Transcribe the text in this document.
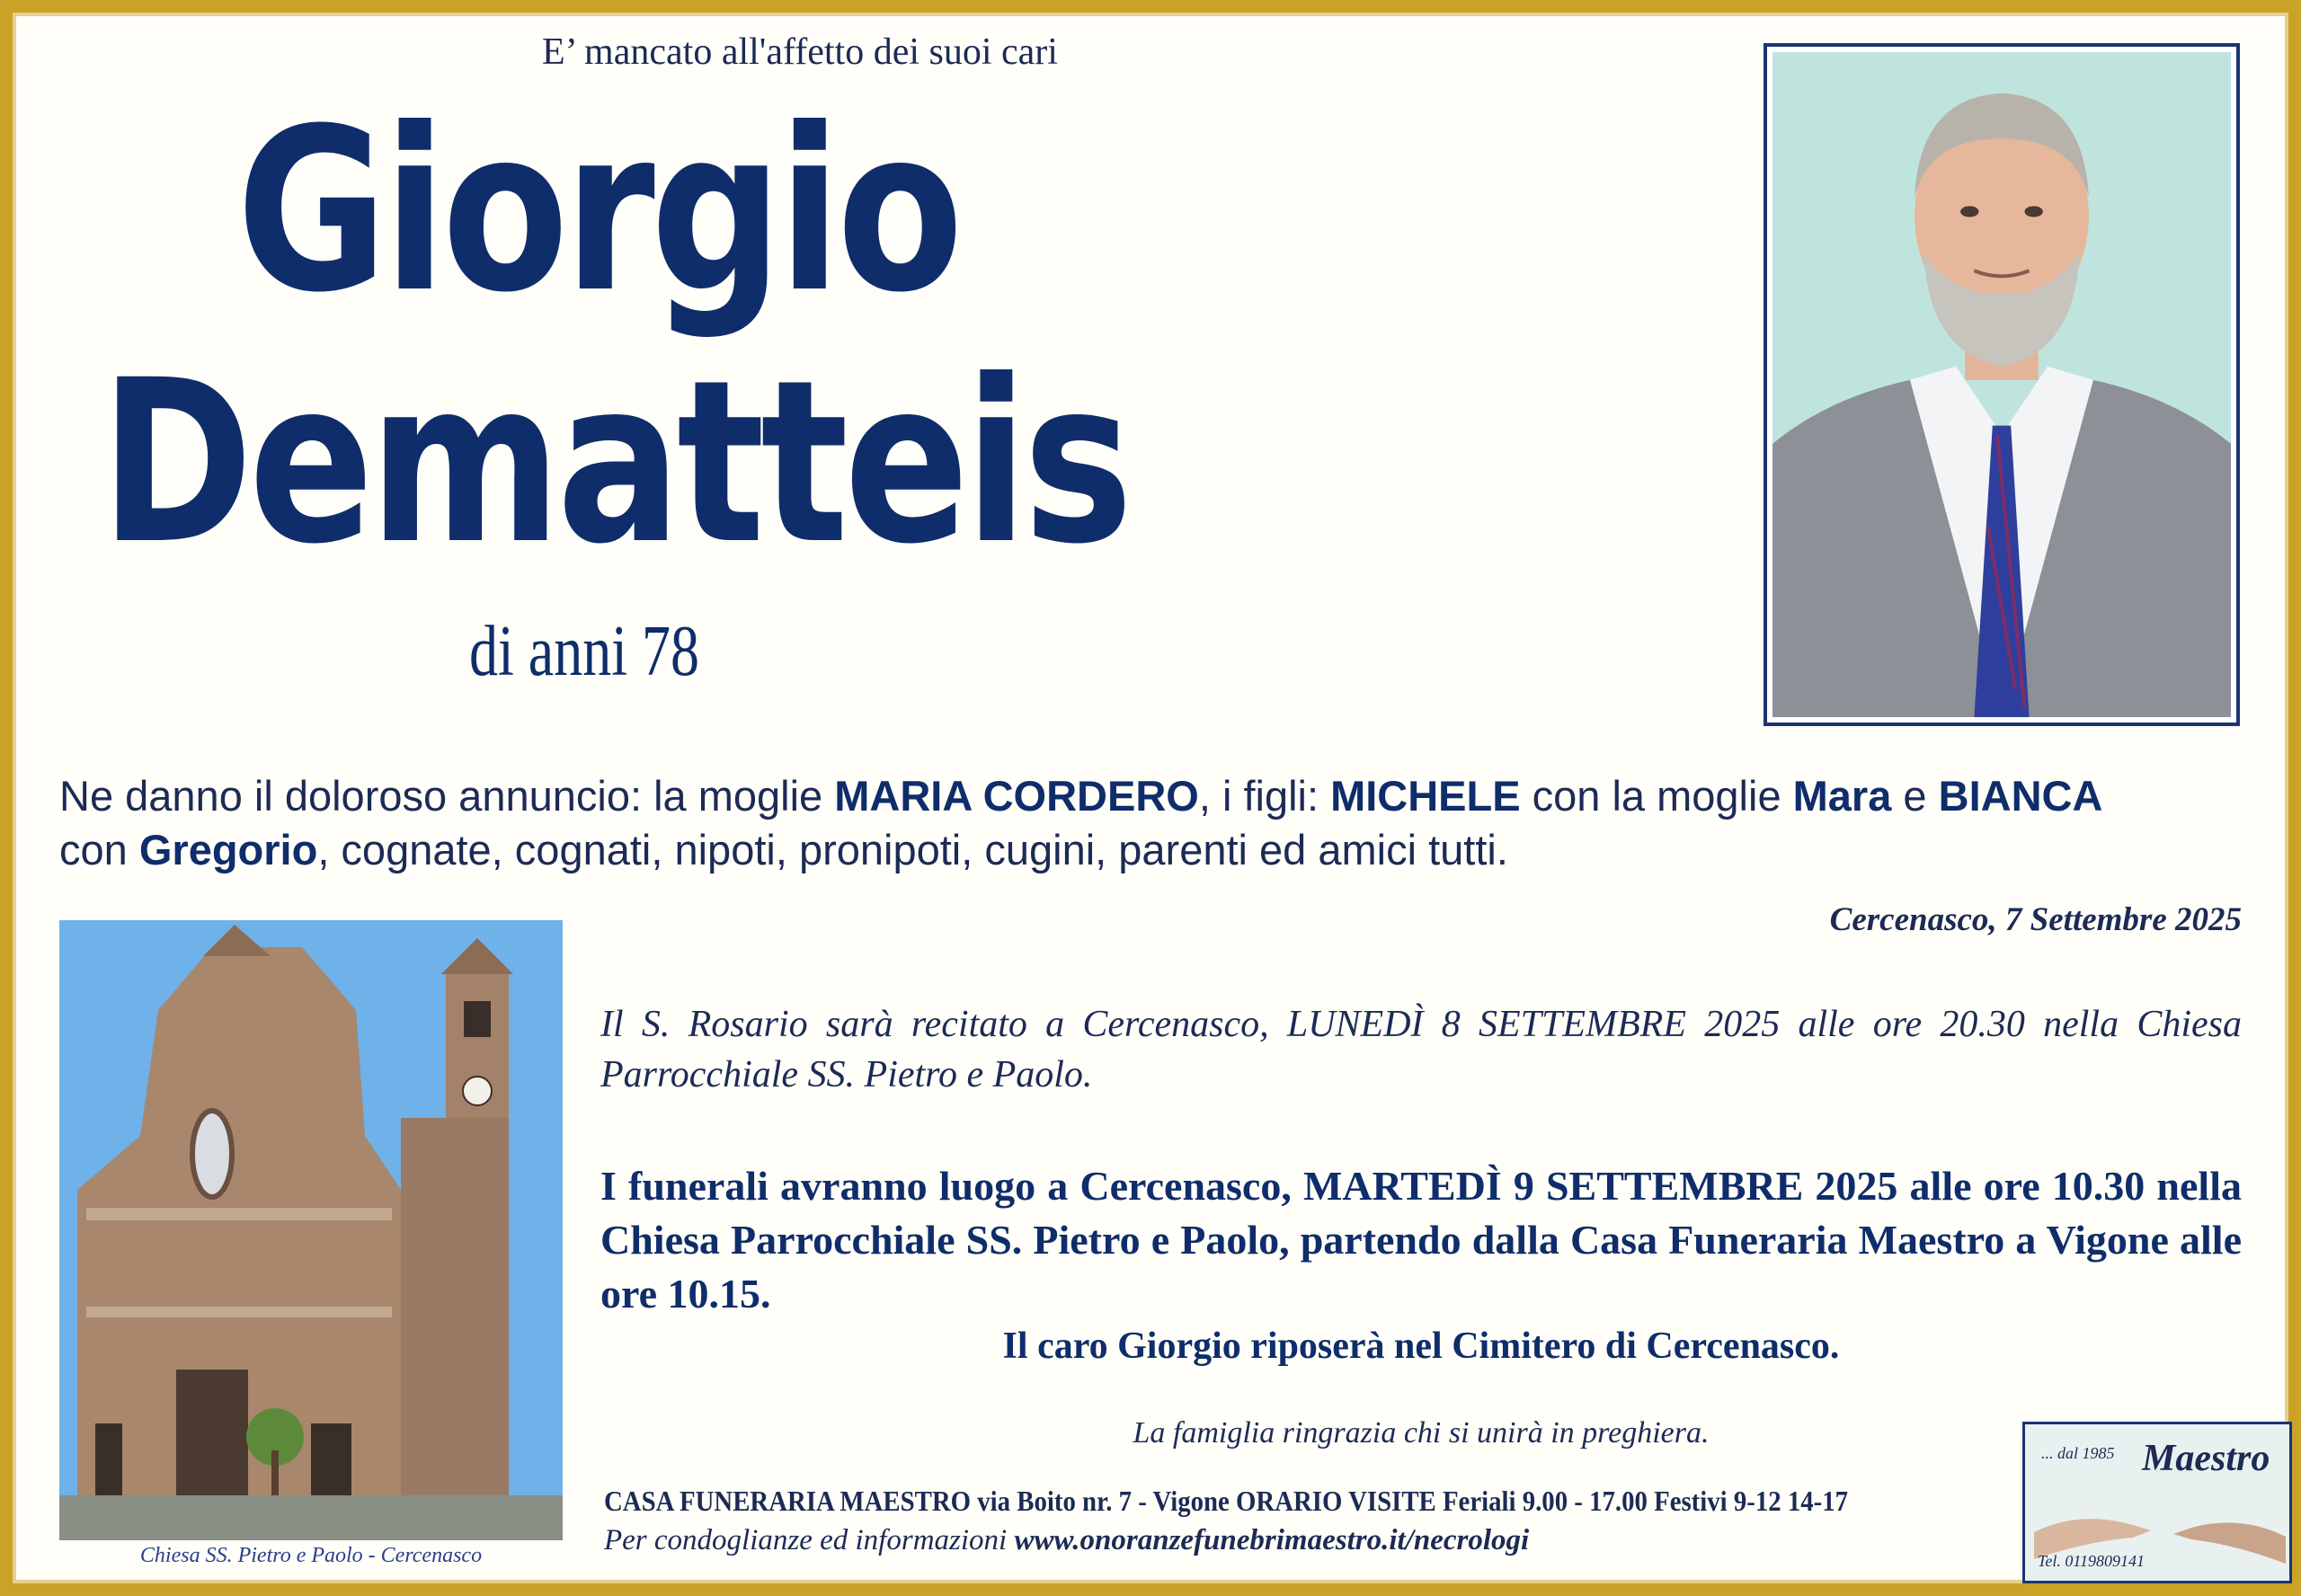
E’ mancato all'affetto dei suoi cari
Giorgio
Dematteis
di anni 78
Ne danno il doloroso annuncio: la moglie MARIA CORDERO, i figli: MICHELE con la moglie Mara e BIANCA
con Gregorio, cognate, cognati, nipoti, pronipoti, cugini, parenti ed amici tutti.
Cercenasco, 7 Settembre 2025
Chiesa SS. Pietro e Paolo - Cercenasco
Il S. Rosario sarà recitato a Cercenasco, LUNEDÌ 8 SETTEMBRE 2025 alle ore 20.30 nella Chiesa Parrocchiale SS. Pietro e Paolo.
I funerali avranno luogo a Cercenasco, MARTEDÌ 9 SETTEMBRE 2025 alle ore 10.30 nella Chiesa Parrocchiale SS. Pietro e Paolo, partendo dalla Casa Funeraria Maestro a Vigone alle ore 10.15.
Il caro Giorgio riposerà nel Cimitero di Cercenasco.
La famiglia ringrazia chi si unirà in preghiera.
CASA FUNERARIA MAESTRO via Boito nr. 7 - Vigone ORARIO VISITE Feriali 9.00 - 17.00 Festivi 9-12 14-17
Per condoglianze ed informazioni www.onoranzefunebrimaestro.it/necrologi
... dal 1985 Maestro
Tel. 0119809141
